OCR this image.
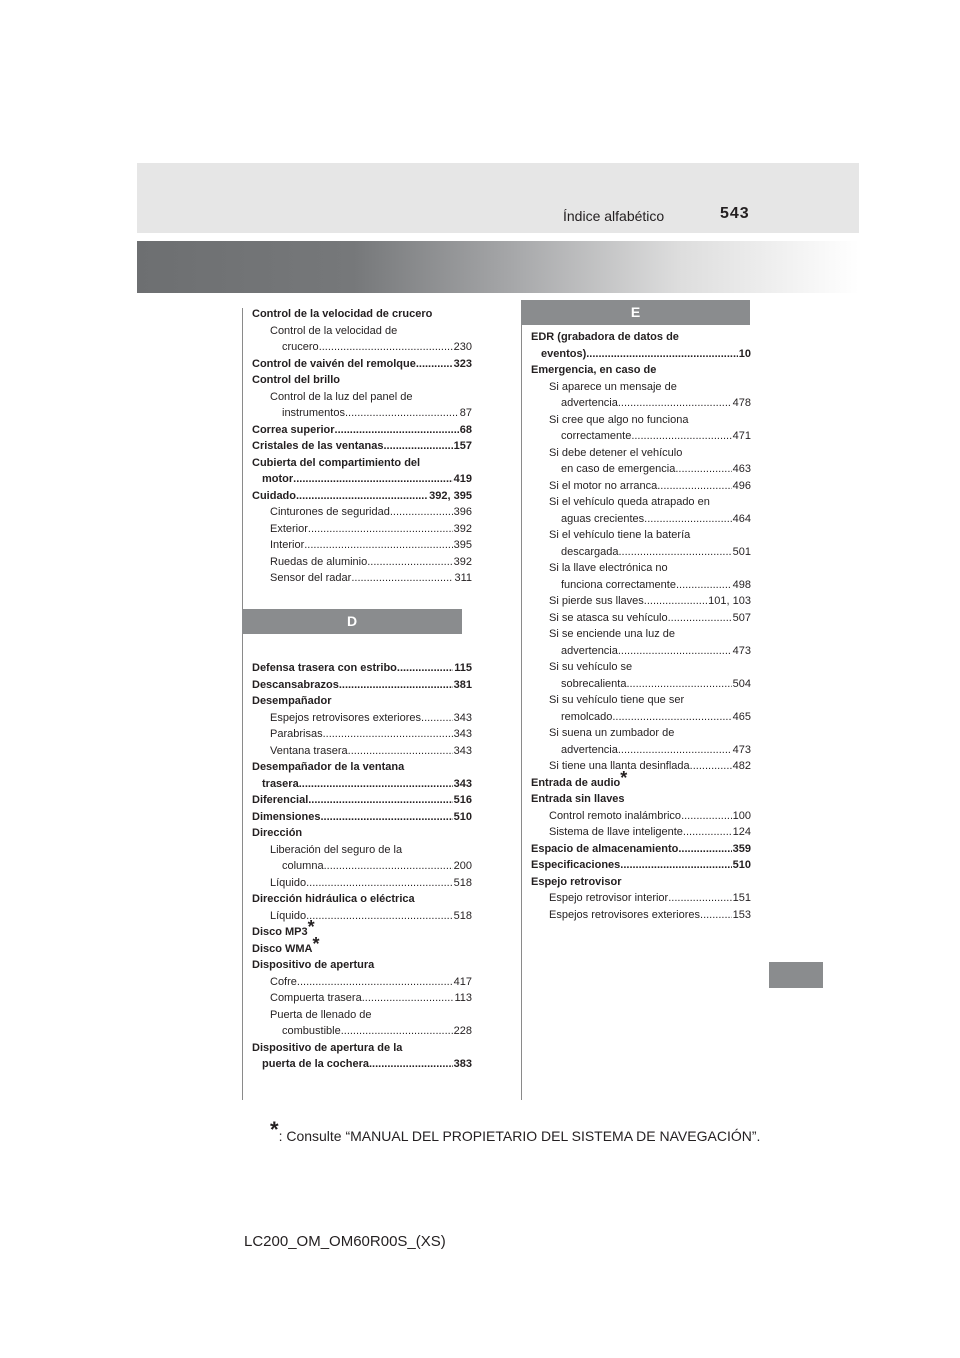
Índice alfabético	543
Control de la velocidad de crucero
Control de la velocidad de
crucero .....	230
Control de vaivén del remolque .....	323
Control del brillo
Control de la luz del panel de
instrumentos .....	87
Correa superior .....	68
Cristales de las ventanas .....	157
Cubierta del compartimiento del
motor .....	419
Cuidado .....	392, 395
Cinturones de seguridad .....	396
Exterior .....	392
Interior .....	395
Ruedas de aluminio .....	392
Sensor del radar .....	311
D
Defensa trasera con estribo .....	115
Descansabrazos .....	381
Desempañador
Espejos retrovisores exteriores .....	343
Parabrisas .....	343
Ventana trasera .....	343
Desempañador de la ventana
trasera .....	343
Diferencial .....	516
Dimensiones .....	510
Dirección
Liberación del seguro de la
columna .....	200
Líquido .....	518
Dirección hidráulica o eléctrica
Líquido .....	518
Disco MP3*
Disco WMA*
Dispositivo de apertura
Cofre .....	417
Compuerta trasera .....	113
Puerta de llenado de
combustible .....	228
Dispositivo de apertura de la
puerta de la cochera .....	383
E
EDR (grabadora de datos de
eventos) .....	10
Emergencia, en caso de
Si aparece un mensaje de
advertencia .....	478
Si cree que algo no funciona
correctamente .....	471
Si debe detener el vehículo
en caso de emergencia .....	463
Si el motor no arranca .....	496
Si el vehículo queda atrapado en
aguas crecientes .....	464
Si el vehículo tiene la batería
descargada .....	501
Si la llave electrónica no
funciona correctamente .....	498
Si pierde sus llaves .....	101, 103
Si se atasca su vehículo .....	507
Si se enciende una luz de
advertencia .....	473
Si su vehículo se
sobrecalienta .....	504
Si su vehículo tiene que ser
remolcado .....	465
Si suena un zumbador de
advertencia .....	473
Si tiene una llanta desinflada .....	482
Entrada de audio*
Entrada sin llaves
Control remoto inalámbrico .....	100
Sistema de llave inteligente .....	124
Espacio de almacenamiento .....	359
Especificaciones .....	510
Espejo retrovisor
Espejo retrovisor interior .....	151
Espejos retrovisores exteriores .....	153
*: Consulte “MANUAL DEL PROPIETARIO DEL SISTEMA DE NAVEGACIÓN”.
LC200_OM_OM60R00S_(XS)
